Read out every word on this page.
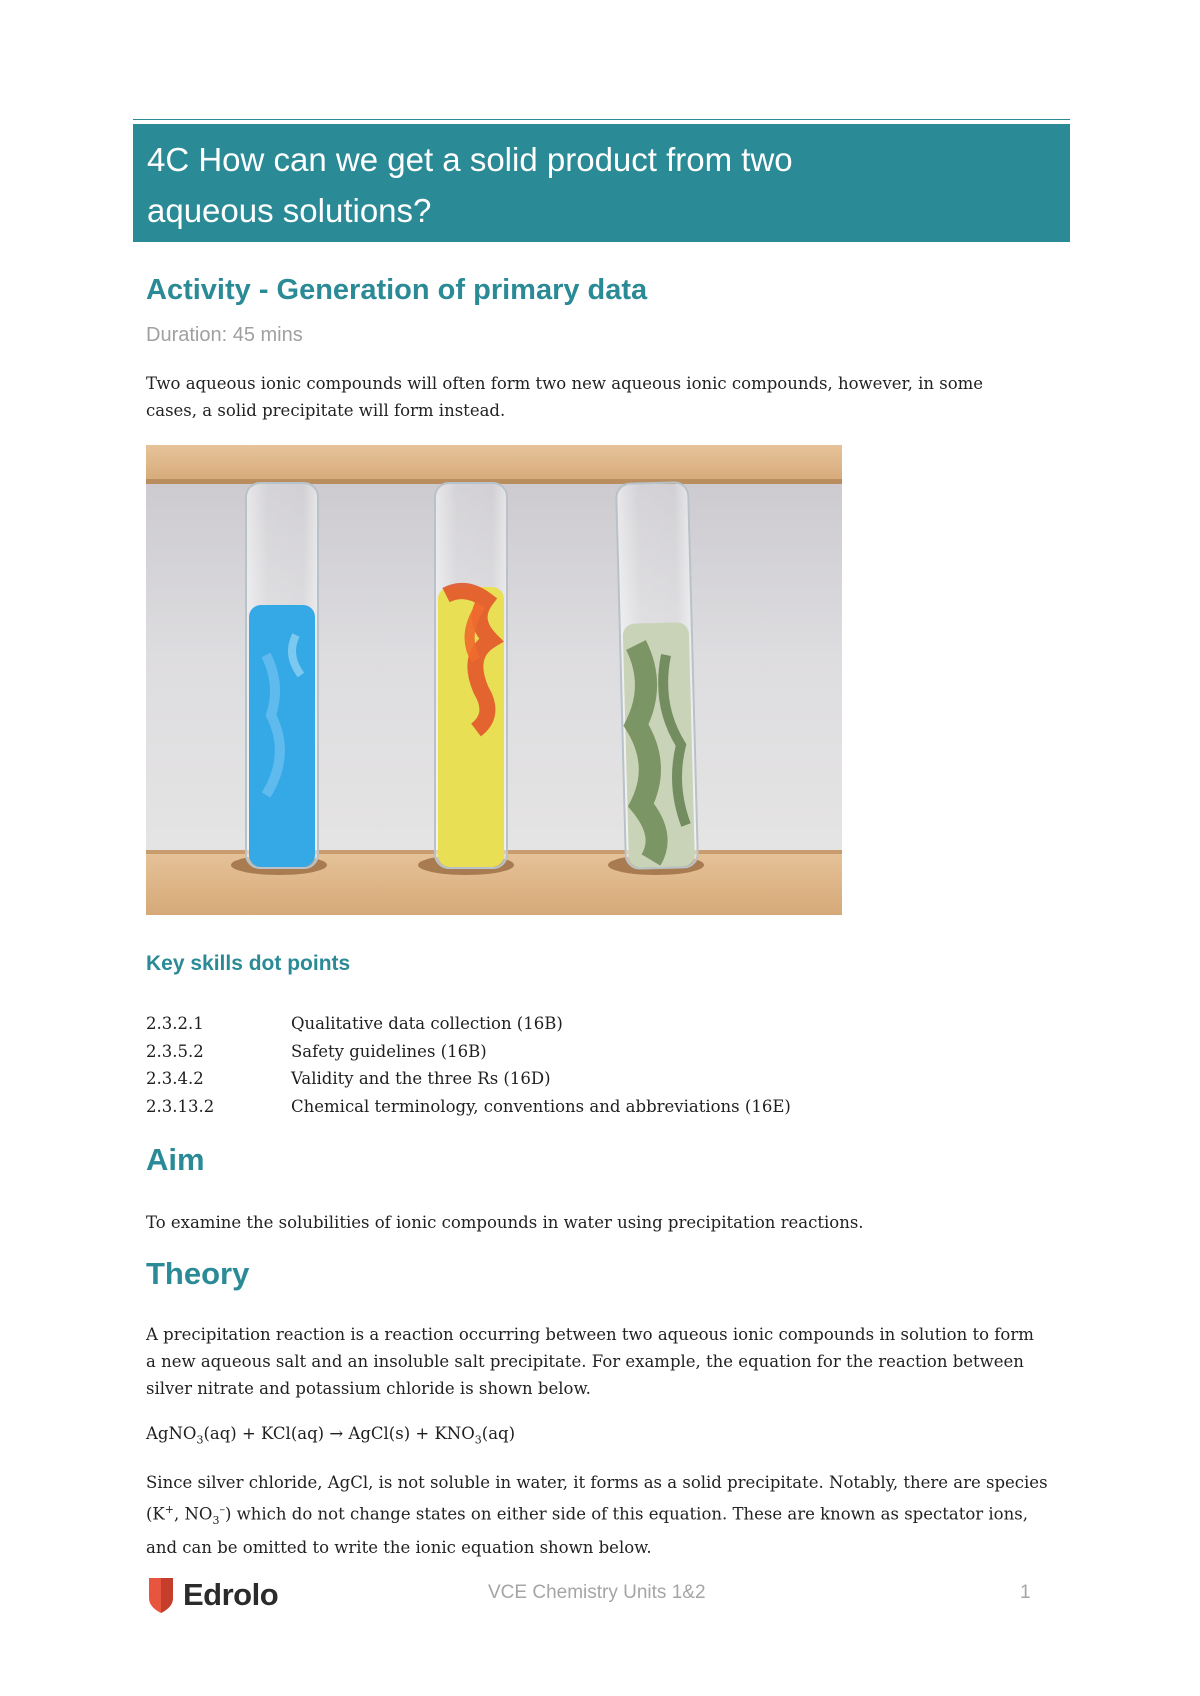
4C How can we get a solid product from two
aqueous solutions?
Activity - Generation of primary data
Duration: 45 mins
Two aqueous ionic compounds will often form two new aqueous ionic compounds, however, in some
cases, a solid precipitate will form instead.
Key skills dot points
2.3.2.1	Qualitative data collection (16B)
2.3.5.2	Safety guidelines (16B)
2.3.4.2	Validity and the three Rs (16D)
2.3.13.2	Chemical terminology, conventions and abbreviations (16E)
Aim
To examine the solubilities of ionic compounds in water using precipitation reactions.
Theory
A precipitation reaction is a reaction occurring between two aqueous ionic compounds in solution to form
a new aqueous salt and an insoluble salt precipitate. For example, the equation for the reaction between
silver nitrate and potassium chloride is shown below.
AgNO$_3$(aq) + KCl(aq) → AgCl(s) + $KNO_3(aq)$
Since silver chloride, AgCl, is not soluble in water, it forms as a solid precipitate. Notably, there are species
(K+, $NO_3^-$) which do not change states on either side of this equation. These are known as spectator ions,
and can be omitted to write the ionic equation shown below.
Edrolo	VCE Chemistry Units 1&2	1
